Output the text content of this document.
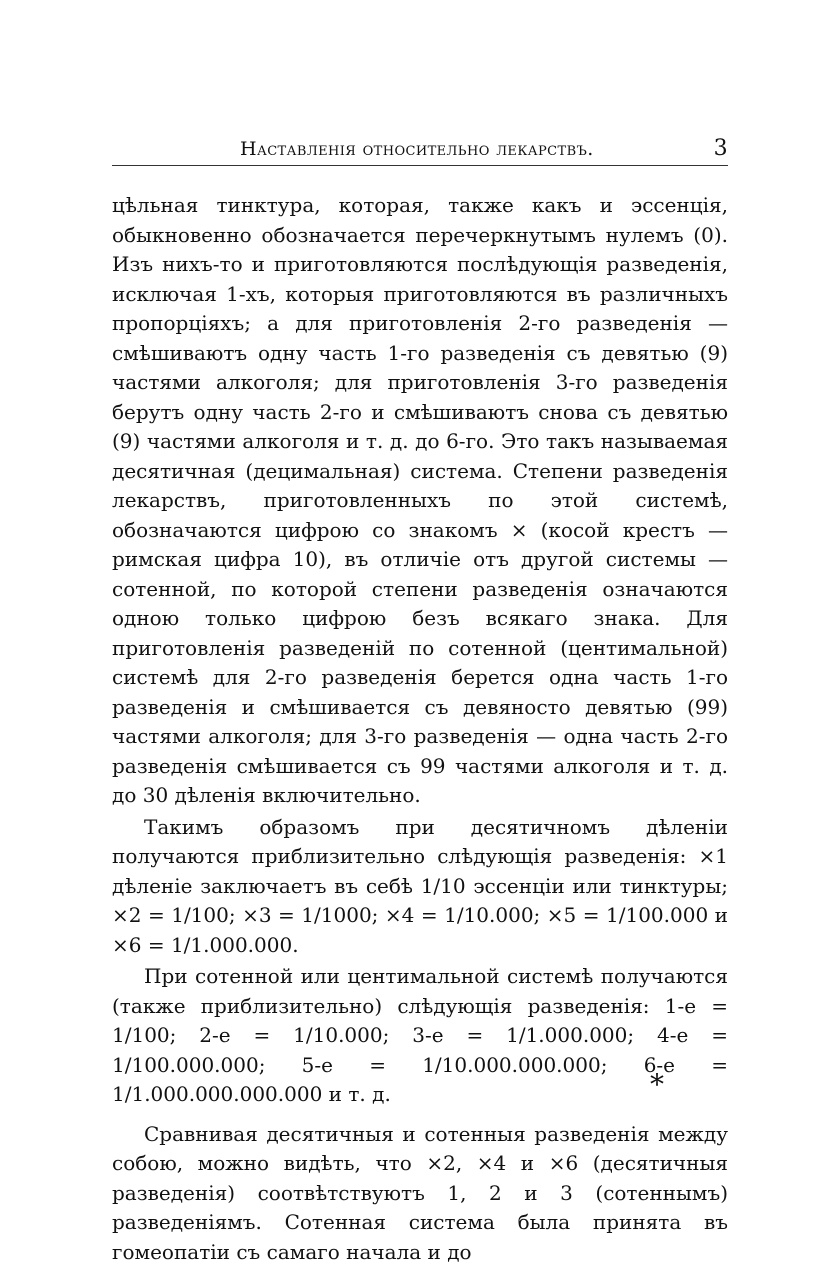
Наставленія относительно лекарствъ.	3

цѣльная тинктура, которая, также какъ и эссенція, обыкновенно обозначается перечеркнутымъ нулемъ (0). Изъ нихъ-то и приготовляются послѣдующія разведенія, исключая 1-хъ, которыя приготовляются въ различныхъ пропорціяхъ; а для приготовленія 2-го разведенія — смѣшиваютъ одну часть 1-го разведенія съ девятью (9) частями алкоголя; для приготовленія 3-го разведенія берутъ одну часть 2-го и смѣшиваютъ снова съ девятью (9) частями алкоголя и т. д. до 6-го. Это такъ называемая десятичная (децимальная) система. Степени разведенія лекарствъ, приготовленныхъ по этой системѣ, обозначаются цифрою со знакомъ × (косой крестъ — римская цифра 10), въ отличіе отъ другой системы — сотенной, по которой степени разведенія означаются одною только цифрою безъ всякаго знака. Для приготовленія разведеній по сотенной (центимальной) системѣ для 2-го разведенія берется одна часть 1-го разведенія и смѣшивается съ девяносто девятью (99) частями алкоголя; для 3-го разведенія — одна часть 2-го разведенія смѣшивается съ 99 частями алкоголя и т. д. до 30 дѣленія включительно.

Такимъ образомъ при десятичномъ дѣленіи получаются приблизительно слѣдующія разведенія: ×1 дѣленіе заключаетъ въ себѣ 1/10 эссенціи или тинктуры; ×2 = 1/100; ×3 = 1/1000; ×4 = 1/10.000; ×5 = 1/100.000 и ×6 = 1/1.000.000.

При сотенной или центимальной системѣ получаются (также приблизительно) слѣдующія разведенія: 1-е = 1/100; 2-е = 1/10.000; 3-е = 1/1.000.000; 4-е = 1/100.000.000; 5-е = 1/10.000.000.000; 6-е = 1/1.000.000.000.000 и т. д.

Сравнивая десятичныя и сотенныя разведенія между собою, можно видѣть, что ×2, ×4 и ×6 (десятичныя разведенія) соотвѣтствуютъ 1, 2 и 3 (сотеннымъ) разведеніямъ. Сотенная система была принята въ гомеопатіи съ самаго начала и до

*
